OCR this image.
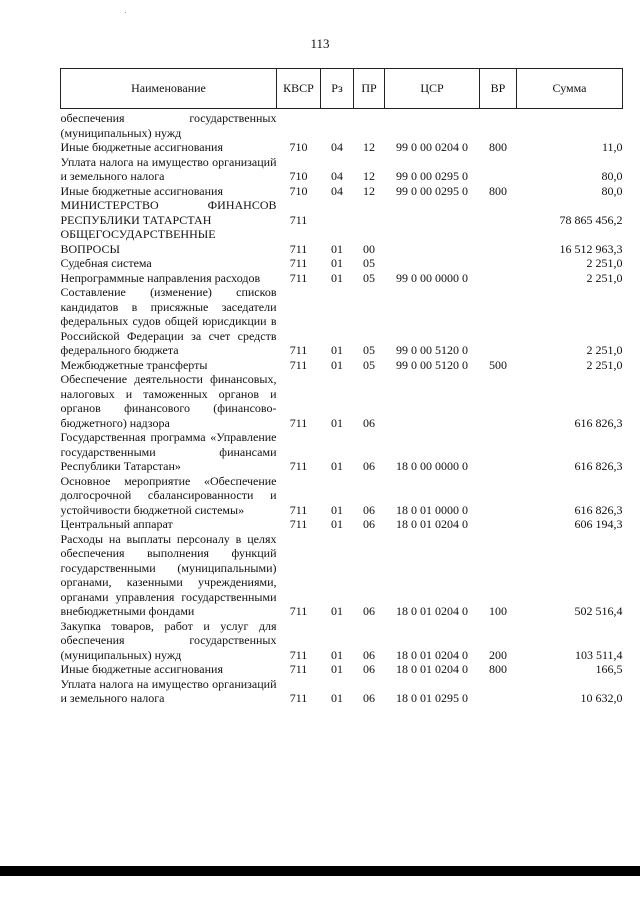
113
Наименование	КВСР	Рз	ПР	ЦСР	ВР	Сумма
обеспечения государственных (муниципальных) нужд						
Иные бюджетные ассигнования	710	04	12	99 0 00 0204 0	800	11,0
Уплата налога на имущество организаций и земельного налога	710	04	12	99 0 00 0295 0		80,0
Иные бюджетные ассигнования	710	04	12	99 0 00 0295 0	800	80,0
МИНИСТЕРСТВО ФИНАНСОВ РЕСПУБЛИКИ ТАТАРСТАН	711					78 865 456,2
ОБЩЕГОСУДАРСТВЕННЫЕ ВОПРОСЫ	711	01	00			16 512 963,3
Судебная система	711	01	05			2 251,0
Непрограммные направления расходов	711	01	05	99 0 00 0000 0		2 251,0
Составление (изменение) списков кандидатов в присяжные заседатели федеральных судов общей юрисдикции в Российской Федерации за счет средств федерального бюджета	711	01	05	99 0 00 5120 0		2 251,0
Межбюджетные трансферты	711	01	05	99 0 00 5120 0	500	2 251,0
Обеспечение деятельности финансовых, налоговых и таможенных органов и органов финансового (финансово-бюджетного) надзора	711	01	06			616 826,3
Государственная программа «Управление государственными финансами Республики Татарстан»	711	01	06	18 0 00 0000 0		616 826,3
Основное мероприятие «Обеспечение долгосрочной сбалансированности и устойчивости бюджетной системы»	711	01	06	18 0 01 0000 0		616 826,3
Центральный аппарат	711	01	06	18 0 01 0204 0		606 194,3
Расходы на выплаты персоналу в целях обеспечения выполнения функций государственными (муниципальными) органами, казенными учреждениями, органами управления государственными внебюджетными фондами	711	01	06	18 0 01 0204 0	100	502 516,4
Закупка товаров, работ и услуг для обеспечения государственных (муниципальных) нужд	711	01	06	18 0 01 0204 0	200	103 511,4
Иные бюджетные ассигнования	711	01	06	18 0 01 0204 0	800	166,5
Уплата налога на имущество организаций и земельного налога	711	01	06	18 0 01 0295 0		10 632,0
